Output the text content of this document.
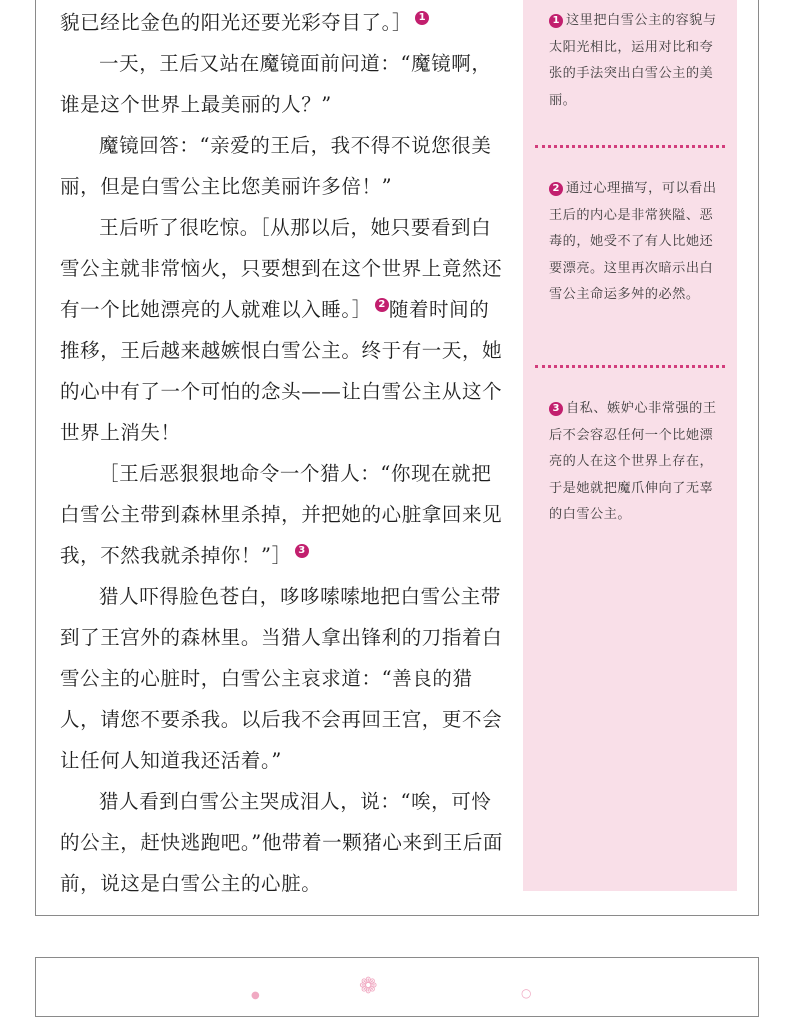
貌已经比金色的阳光还要光彩夺目了。］ 1

一天，王后又站在魔镜面前问道：“魔镜啊，谁是这个世界上最美丽的人？”

魔镜回答：“亲爱的王后，我不得不说您很美丽，但是白雪公主比您美丽许多倍！”

王后听了很吃惊。［从那以后，她只要看到白雪公主就非常恼火，只要想到在这个世界上竟然还有一个比她漂亮的人就难以入睡。］ 2 随着时间的推移，王后越来越嫉恨白雪公主。终于有一天，她的心中有了一个可怕的念头——让白雪公主从这个世界上消失！

［王后恶狠狠地命令一个猎人：“你现在就把白雪公主带到森林里杀掉，并把她的心脏拿回来见我，不然我就杀掉你！”］ 3

猎人吓得脸色苍白，哆哆嗦嗦地把白雪公主带到了王宫外的森林里。当猎人拿出锋利的刀指着白雪公主的心脏时，白雪公主哀求道：“善良的猎人，请您不要杀我。以后我不会再回王宫，更不会让任何人知道我还活着。”

猎人看到白雪公主哭成泪人，说：“唉，可怜的公主，赶快逃跑吧。”他带着一颗猪心来到王后面前，说这是白雪公主的心脏。

1 这里把白雪公主的容貌与太阳光相比，运用对比和夸张的手法突出白雪公主的美丽。
2 通过心理描写，可以看出王后的内心是非常狭隘、恶毒的，她受不了有人比她还要漂亮。这里再次暗示出白雪公主命运多舛的必然。
3 自私、嫉妒心非常强的王后不会容忍任何一个比她漂亮的人在这个世界上存在，于是她就把魔爪伸向了无辜的白雪公主。
❁
●	○
